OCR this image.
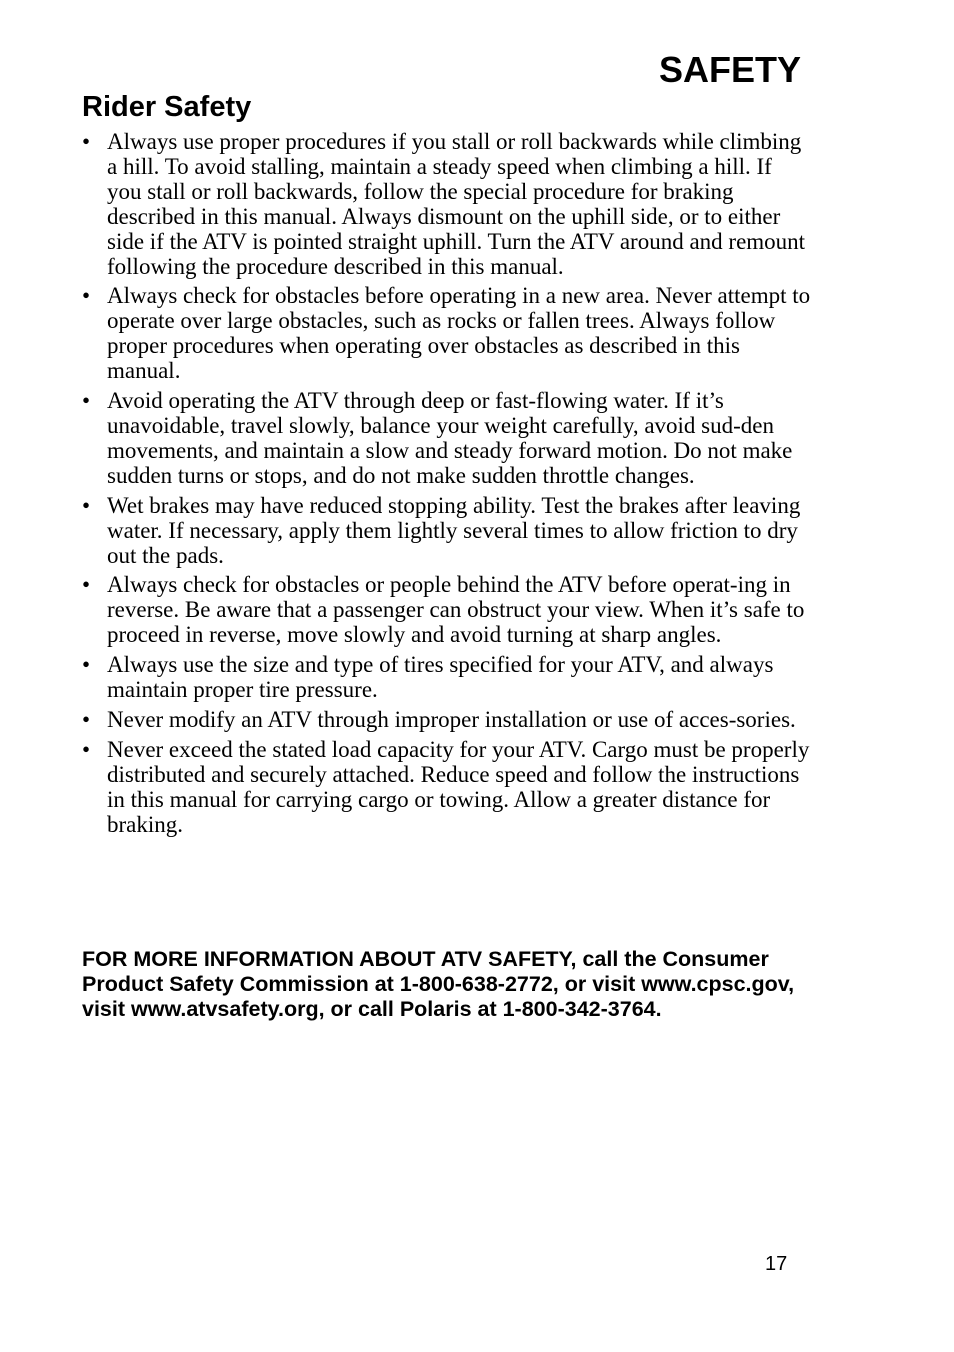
SAFETY
Rider Safety
• Always use proper procedures if you stall or roll backwards while climbing a hill. To avoid stalling, maintain a steady speed when climbing a hill. If you stall or roll backwards, follow the special procedure for braking described in this manual. Always dismount on the uphill side, or to either side if the ATV is pointed straight uphill. Turn the ATV around and remount following the procedure described in this manual.
• Always check for obstacles before operating in a new area. Never attempt to operate over large obstacles, such as rocks or fallen trees. Always follow proper procedures when operating over obstacles as described in this manual.
• Avoid operating the ATV through deep or fast-flowing water. If it’s unavoidable, travel slowly, balance your weight carefully, avoid sud-den movements, and maintain a slow and steady forward motion. Do not make sudden turns or stops, and do not make sudden throttle changes.
• Wet brakes may have reduced stopping ability. Test the brakes after leaving water. If necessary, apply them lightly several times to allow friction to dry out the pads.
• Always check for obstacles or people behind the ATV before operat-ing in reverse. Be aware that a passenger can obstruct your view. When it’s safe to proceed in reverse, move slowly and avoid turning at sharp angles.
• Always use the size and type of tires specified for your ATV, and always maintain proper tire pressure.
• Never modify an ATV through improper installation or use of acces-sories.
• Never exceed the stated load capacity for your ATV. Cargo must be properly distributed and securely attached. Reduce speed and follow the instructions in this manual for carrying cargo or towing. Allow a greater distance for braking.

FOR MORE INFORMATION ABOUT ATV SAFETY, call the Consumer Product Safety Commission at 1-800-638-2772, or visit www.cpsc.gov, visit www.atvsafety.org, or call Polaris at 1-800-342-3764.

17
